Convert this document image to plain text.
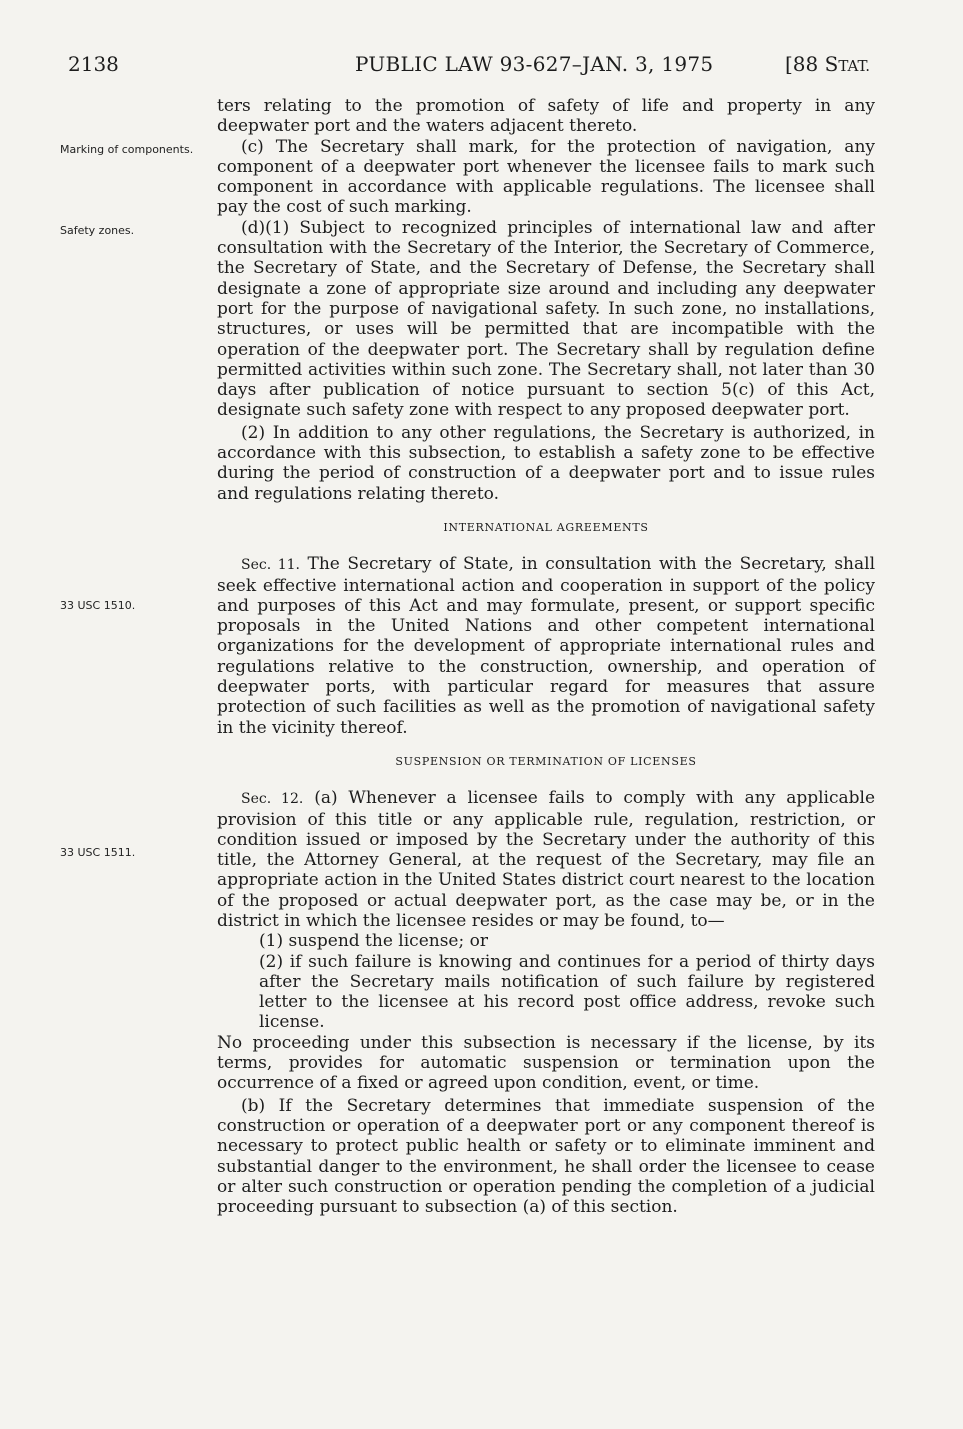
2138	PUBLIC LAW 93-627–JAN. 3, 1975	[88 STAT.
Marking of components.
Safety zones.
33 USC 1510.
33 USC 1511.

ters relating to the promotion of safety of life and property in any deepwater port and the waters adjacent thereto.

(c) The Secretary shall mark, for the protection of navigation, any component of a deepwater port whenever the licensee fails to mark such component in accordance with applicable regulations. The licensee shall pay the cost of such marking.

(d)(1) Subject to recognized principles of international law and after consultation with the Secretary of the Interior, the Secretary of Commerce, the Secretary of State, and the Secretary of Defense, the Secretary shall designate a zone of appropriate size around and including any deepwater port for the purpose of navigational safety. In such zone, no installations, structures, or uses will be permitted that are incompatible with the operation of the deepwater port. The Secretary shall by regulation define permitted activities within such zone. The Secretary shall, not later than 30 days after publication of notice pursuant to section 5(c) of this Act, designate such safety zone with respect to any proposed deepwater port.

(2) In addition to any other regulations, the Secretary is authorized, in accordance with this subsection, to establish a safety zone to be effective during the period of construction of a deepwater port and to issue rules and regulations relating thereto.

INTERNATIONAL AGREEMENTS

Sec. 11. The Secretary of State, in consultation with the Secretary, shall seek effective international action and cooperation in support of the policy and purposes of this Act and may formulate, present, or support specific proposals in the United Nations and other competent international organizations for the development of appropriate international rules and regulations relative to the construction, ownership, and operation of deepwater ports, with particular regard for measures that assure protection of such facilities as well as the promotion of navigational safety in the vicinity thereof.

SUSPENSION OR TERMINATION OF LICENSES

Sec. 12. (a) Whenever a licensee fails to comply with any applicable provision of this title or any applicable rule, regulation, restriction, or condition issued or imposed by the Secretary under the authority of this title, the Attorney General, at the request of the Secretary, may file an appropriate action in the United States district court nearest to the location of the proposed or actual deepwater port, as the case may be, or in the district in which the licensee resides or may be found, to—

(1) suspend the license; or

(2) if such failure is knowing and continues for a period of thirty days after the Secretary mails notification of such failure by registered letter to the licensee at his record post office address, revoke such license.

No proceeding under this subsection is necessary if the license, by its terms, provides for automatic suspension or termination upon the occurrence of a fixed or agreed upon condition, event, or time.

(b) If the Secretary determines that immediate suspension of the construction or operation of a deepwater port or any component thereof is necessary to protect public health or safety or to eliminate imminent and substantial danger to the environment, he shall order the licensee to cease or alter such construction or operation pending the completion of a judicial proceeding pursuant to subsection (a) of this section.
